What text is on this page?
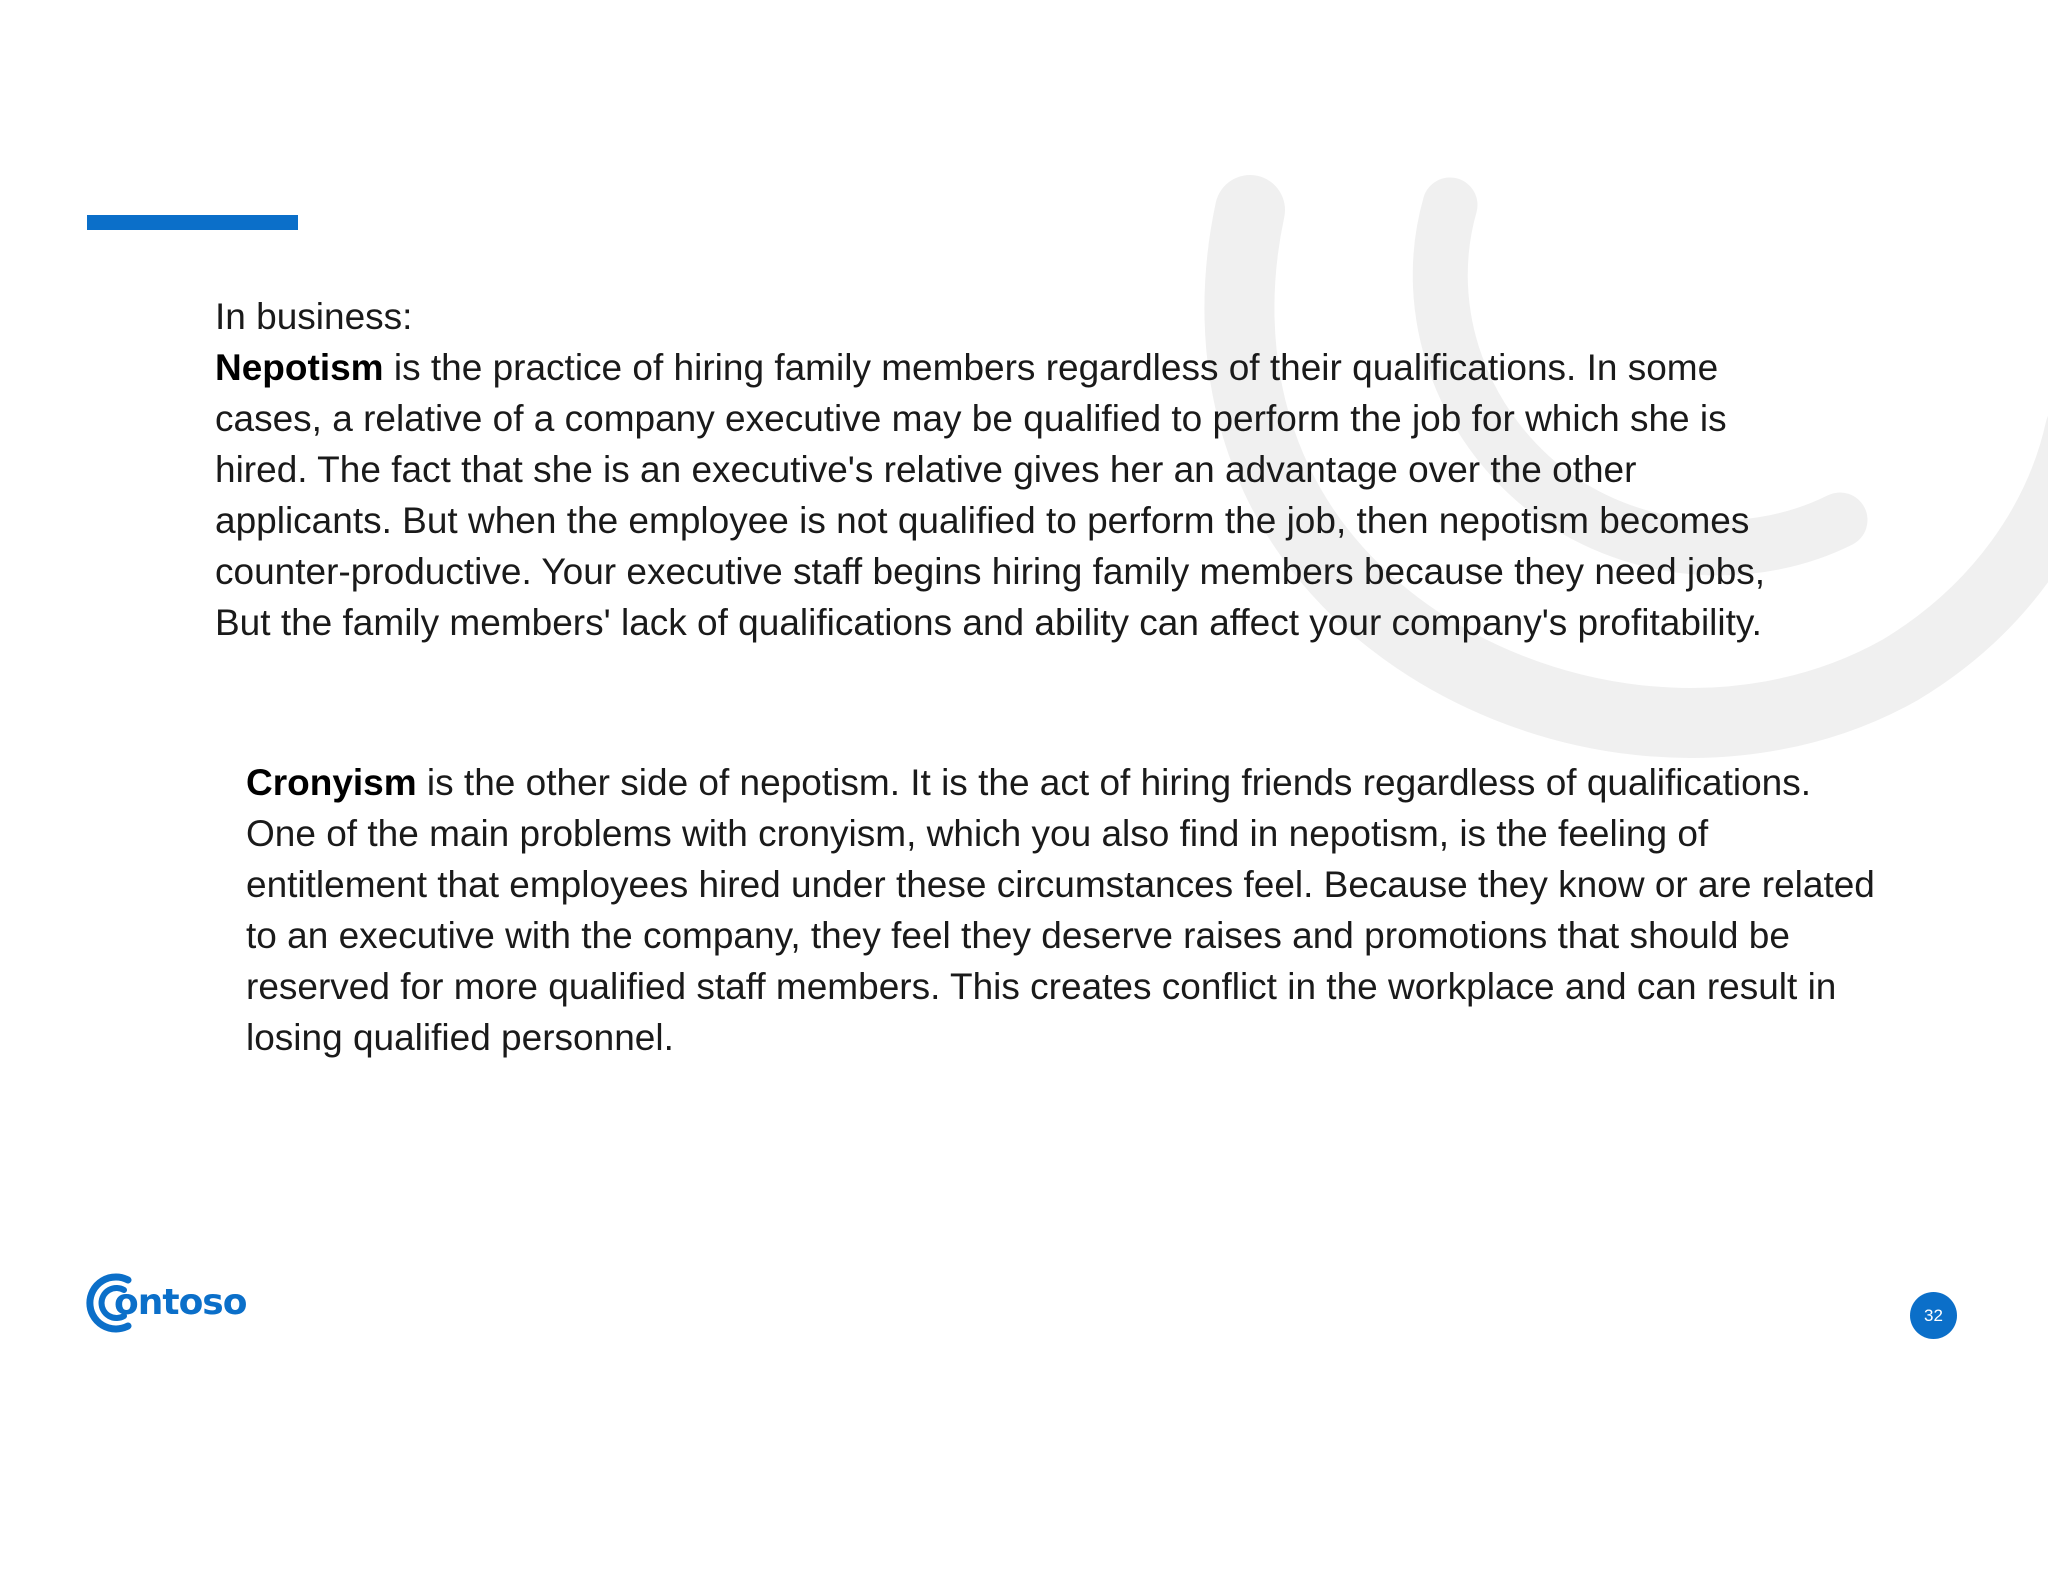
In business:

Nepotism is the practice of hiring family members regardless of their qualifications. In some cases, a relative of a company executive may be qualified to perform the job for which she is hired. The fact that she is an executive's relative gives her an advantage over the other applicants. But when the employee is not qualified to perform the job, then nepotism becomes counter-productive. Your executive staff begins hiring family members because they need jobs, But the family members' lack of qualifications and ability can affect your company's profitability.

Cronyism is the other side of nepotism. It is the act of hiring friends regardless of qualifications. One of the main problems with cronyism, which you also find in nepotism, is the feeling of entitlement that employees hired under these circumstances feel. Because they know or are related to an executive with the company, they feel they deserve raises and promotions that should be reserved for more qualified staff members. This creates conflict in the workplace and can result in losing qualified personnel.

ontoso	32
